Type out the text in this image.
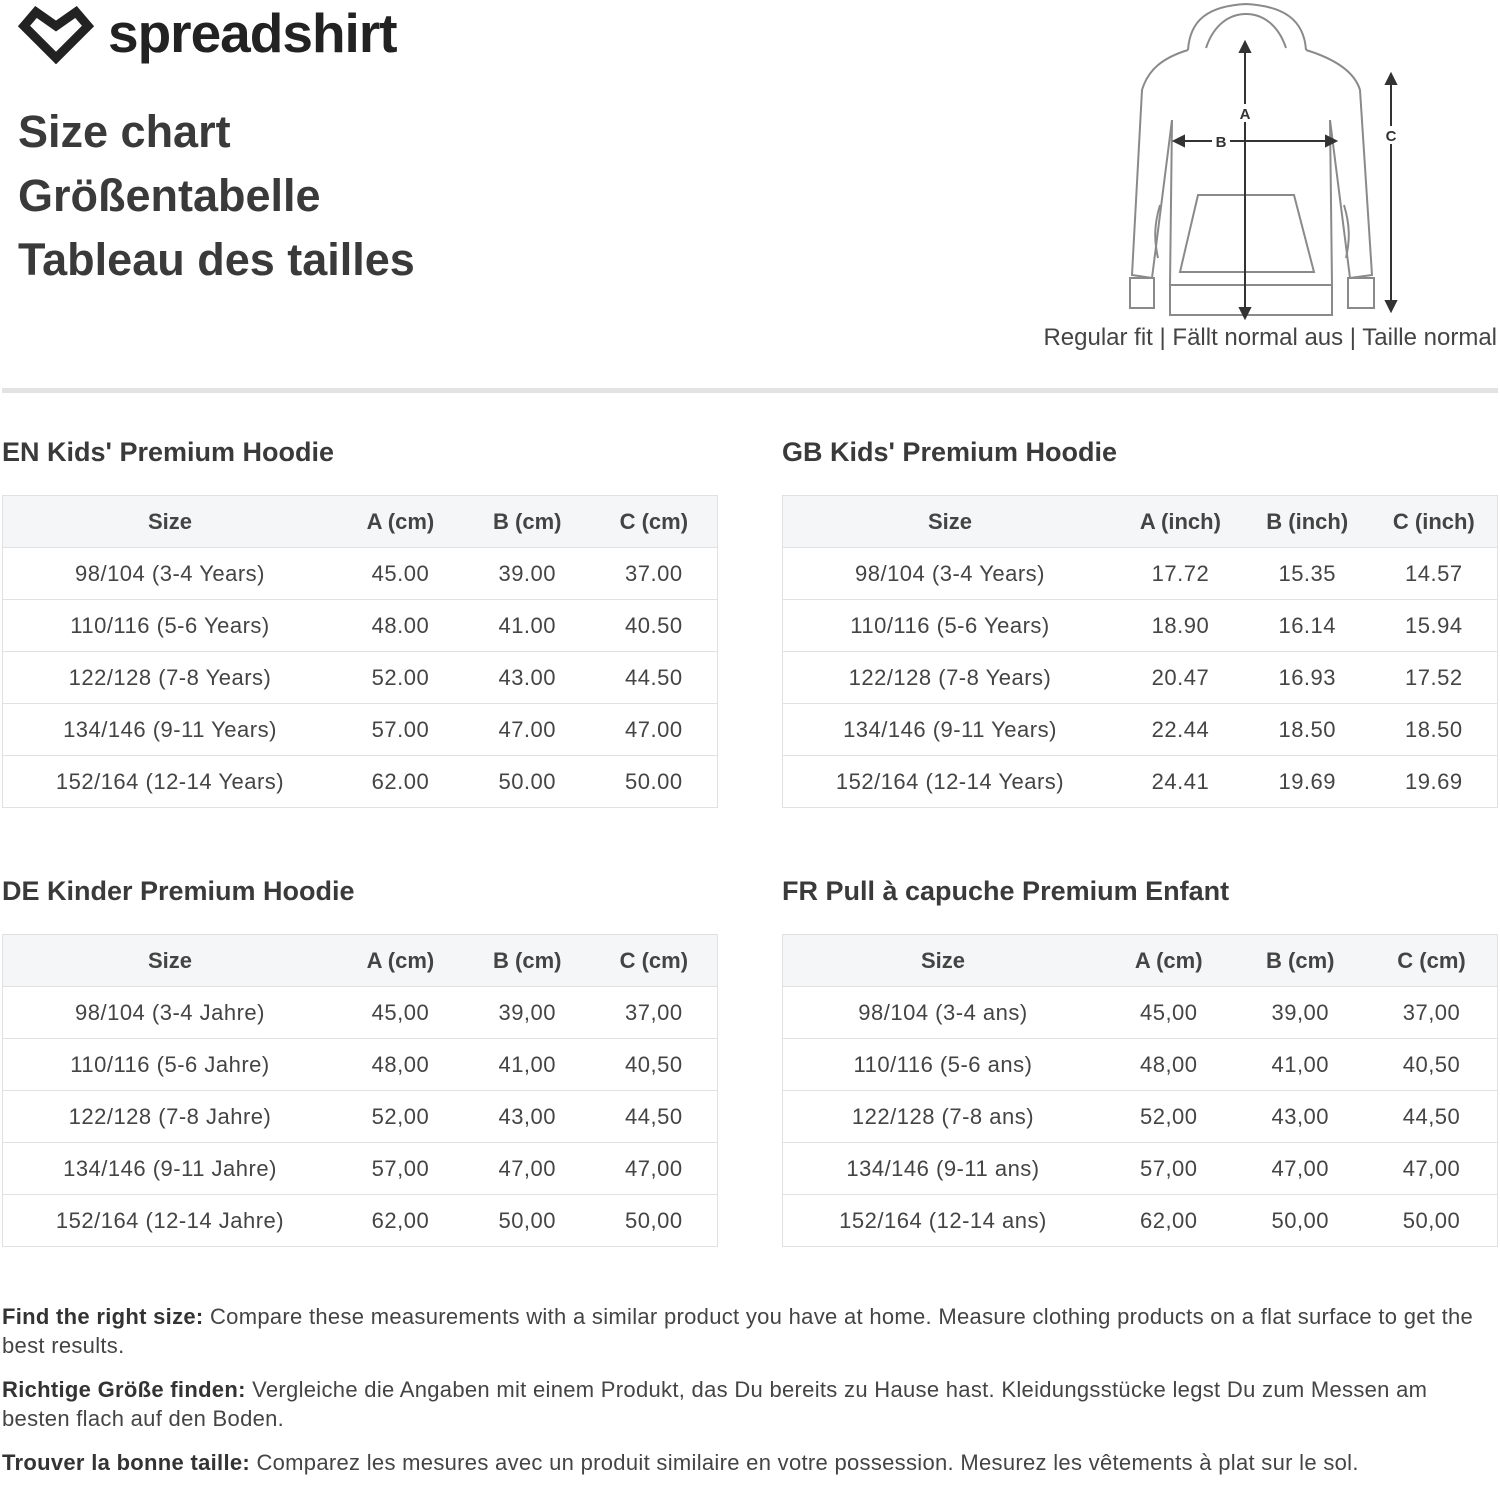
spreadshirt
Size chart
Größentabelle
Tableau des tailles
A
B	C
Regular fit | Fällt normal aus | Taille normal
EN Kids' Premium Hoodie
Size	A (cm)	B (cm)	C (cm)
98/104 (3-4 Years)	45.00	39.00	37.00
110/116 (5-6 Years)	48.00	41.00	40.50
122/128 (7-8 Years)	52.00	43.00	44.50
134/146 (9-11 Years)	57.00	47.00	47.00
152/164 (12-14 Years)	62.00	50.00	50.00
GB Kids' Premium Hoodie
Size	A (inch)	B (inch)	C (inch)
98/104 (3-4 Years)	17.72	15.35	14.57
110/116 (5-6 Years)	18.90	16.14	15.94
122/128 (7-8 Years)	20.47	16.93	17.52
134/146 (9-11 Years)	22.44	18.50	18.50
152/164 (12-14 Years)	24.41	19.69	19.69
DE Kinder Premium Hoodie
Size	A (cm)	B (cm)	C (cm)
98/104 (3-4 Jahre)	45,00	39,00	37,00
110/116 (5-6 Jahre)	48,00	41,00	40,50
122/128 (7-8 Jahre)	52,00	43,00	44,50
134/146 (9-11 Jahre)	57,00	47,00	47,00
152/164 (12-14 Jahre)	62,00	50,00	50,00
FR Pull à capuche Premium Enfant
Size	A (cm)	B (cm)	C (cm)
98/104 (3-4 ans)	45,00	39,00	37,00
110/116 (5-6 ans)	48,00	41,00	40,50
122/128 (7-8 ans)	52,00	43,00	44,50
134/146 (9-11 ans)	57,00	47,00	47,00
152/164 (12-14 ans)	62,00	50,00	50,00
Find the right size: Compare these measurements with a similar product you have at home. Measure clothing products on a flat surface to get the best results.
Richtige Größe finden: Vergleiche die Angaben mit einem Produkt, das Du bereits zu Hause hast. Kleidungsstücke legst Du zum Messen am besten flach auf den Boden.
Trouver la bonne taille: Comparez les mesures avec un produit similaire en votre possession. Mesurez les vêtements à plat sur le sol.
